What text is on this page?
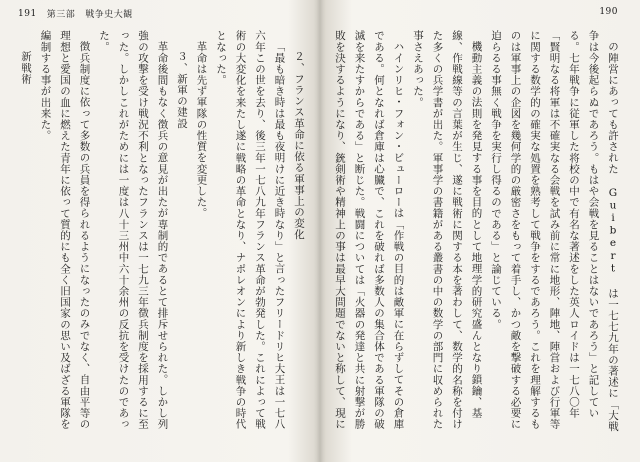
191 第三部 戦争史大観

２、フランス革命に依る軍事上の変化

「最も暗き時は最も夜明けに近き時なり」と言ったフリードリヒ大王は一七八六年この世を去り、後三年一七八九年フランス革命が勃発した。これによって戦術の大変化を来たし遂に戦略の革命となり、ナポレオンにより新しき戦争の時代となった。

革命は先ず軍隊の性質を変更した。

３、新軍の建設

革命後間もなく徴兵の意見が出たが専制的であるとて排斥せられた。しかし列強の攻撃を受け戦況不利となったフランスは一七九三年徴兵制度を採用するに至った。しかしこれがためには一度は八十三州中六十余州の反抗を受けたのであった。

徴兵制度に依って多数の兵員を得られるようになったのみでなく、自由平等の理想と愛国の血に燃えた青年に依って質的にも全く旧国家の思い及ばざる軍隊を編制する事が出来た。

新戦術

190

の陣営にあっても許された Guibert は一七七九年の著述に「大戦争は今後起らぬであろう。もはや会戦を見ることはないであろう」と記している。七年戦争に従軍した将校の中で有名な著述をした英人ロイドは一七八〇年「賢明なる将軍は不確実なる会戦を試み前に常に地形、陣地、陣営および行軍等に関する数学的の確実な処置を熟考して戦争をするであろう。これを理解するものは軍事上の企図を幾何学的の厳密さをもって着手し、かつ敵を撃破する必要に迫らるる事無く戦争を実行し得るのである」と論じている。

機動主義の法則を発見する事を目的として地理学的研究盛んとなり鎖鑰、基線、作戦線等の言葉が生じ、遂に戦術に関する本を著わして、数学的名称を付けた多くの兵学書が出た。軍事学の書籍がある叢書の中の数学の部門に収められた事さえあった。

ハインリヒ・フォン・ビューローは「作戦の目的は敵軍に在らずしてその倉庫である。何となれば倉庫は心臓で、これを破れば多数人の集合体である軍隊の破滅を来たすからである」と断じた。戦闘については「火器の発達と共に射撃が勝敗を決するようになり、銃剣術や精神上の事は最早大問題でないと称して、現に
